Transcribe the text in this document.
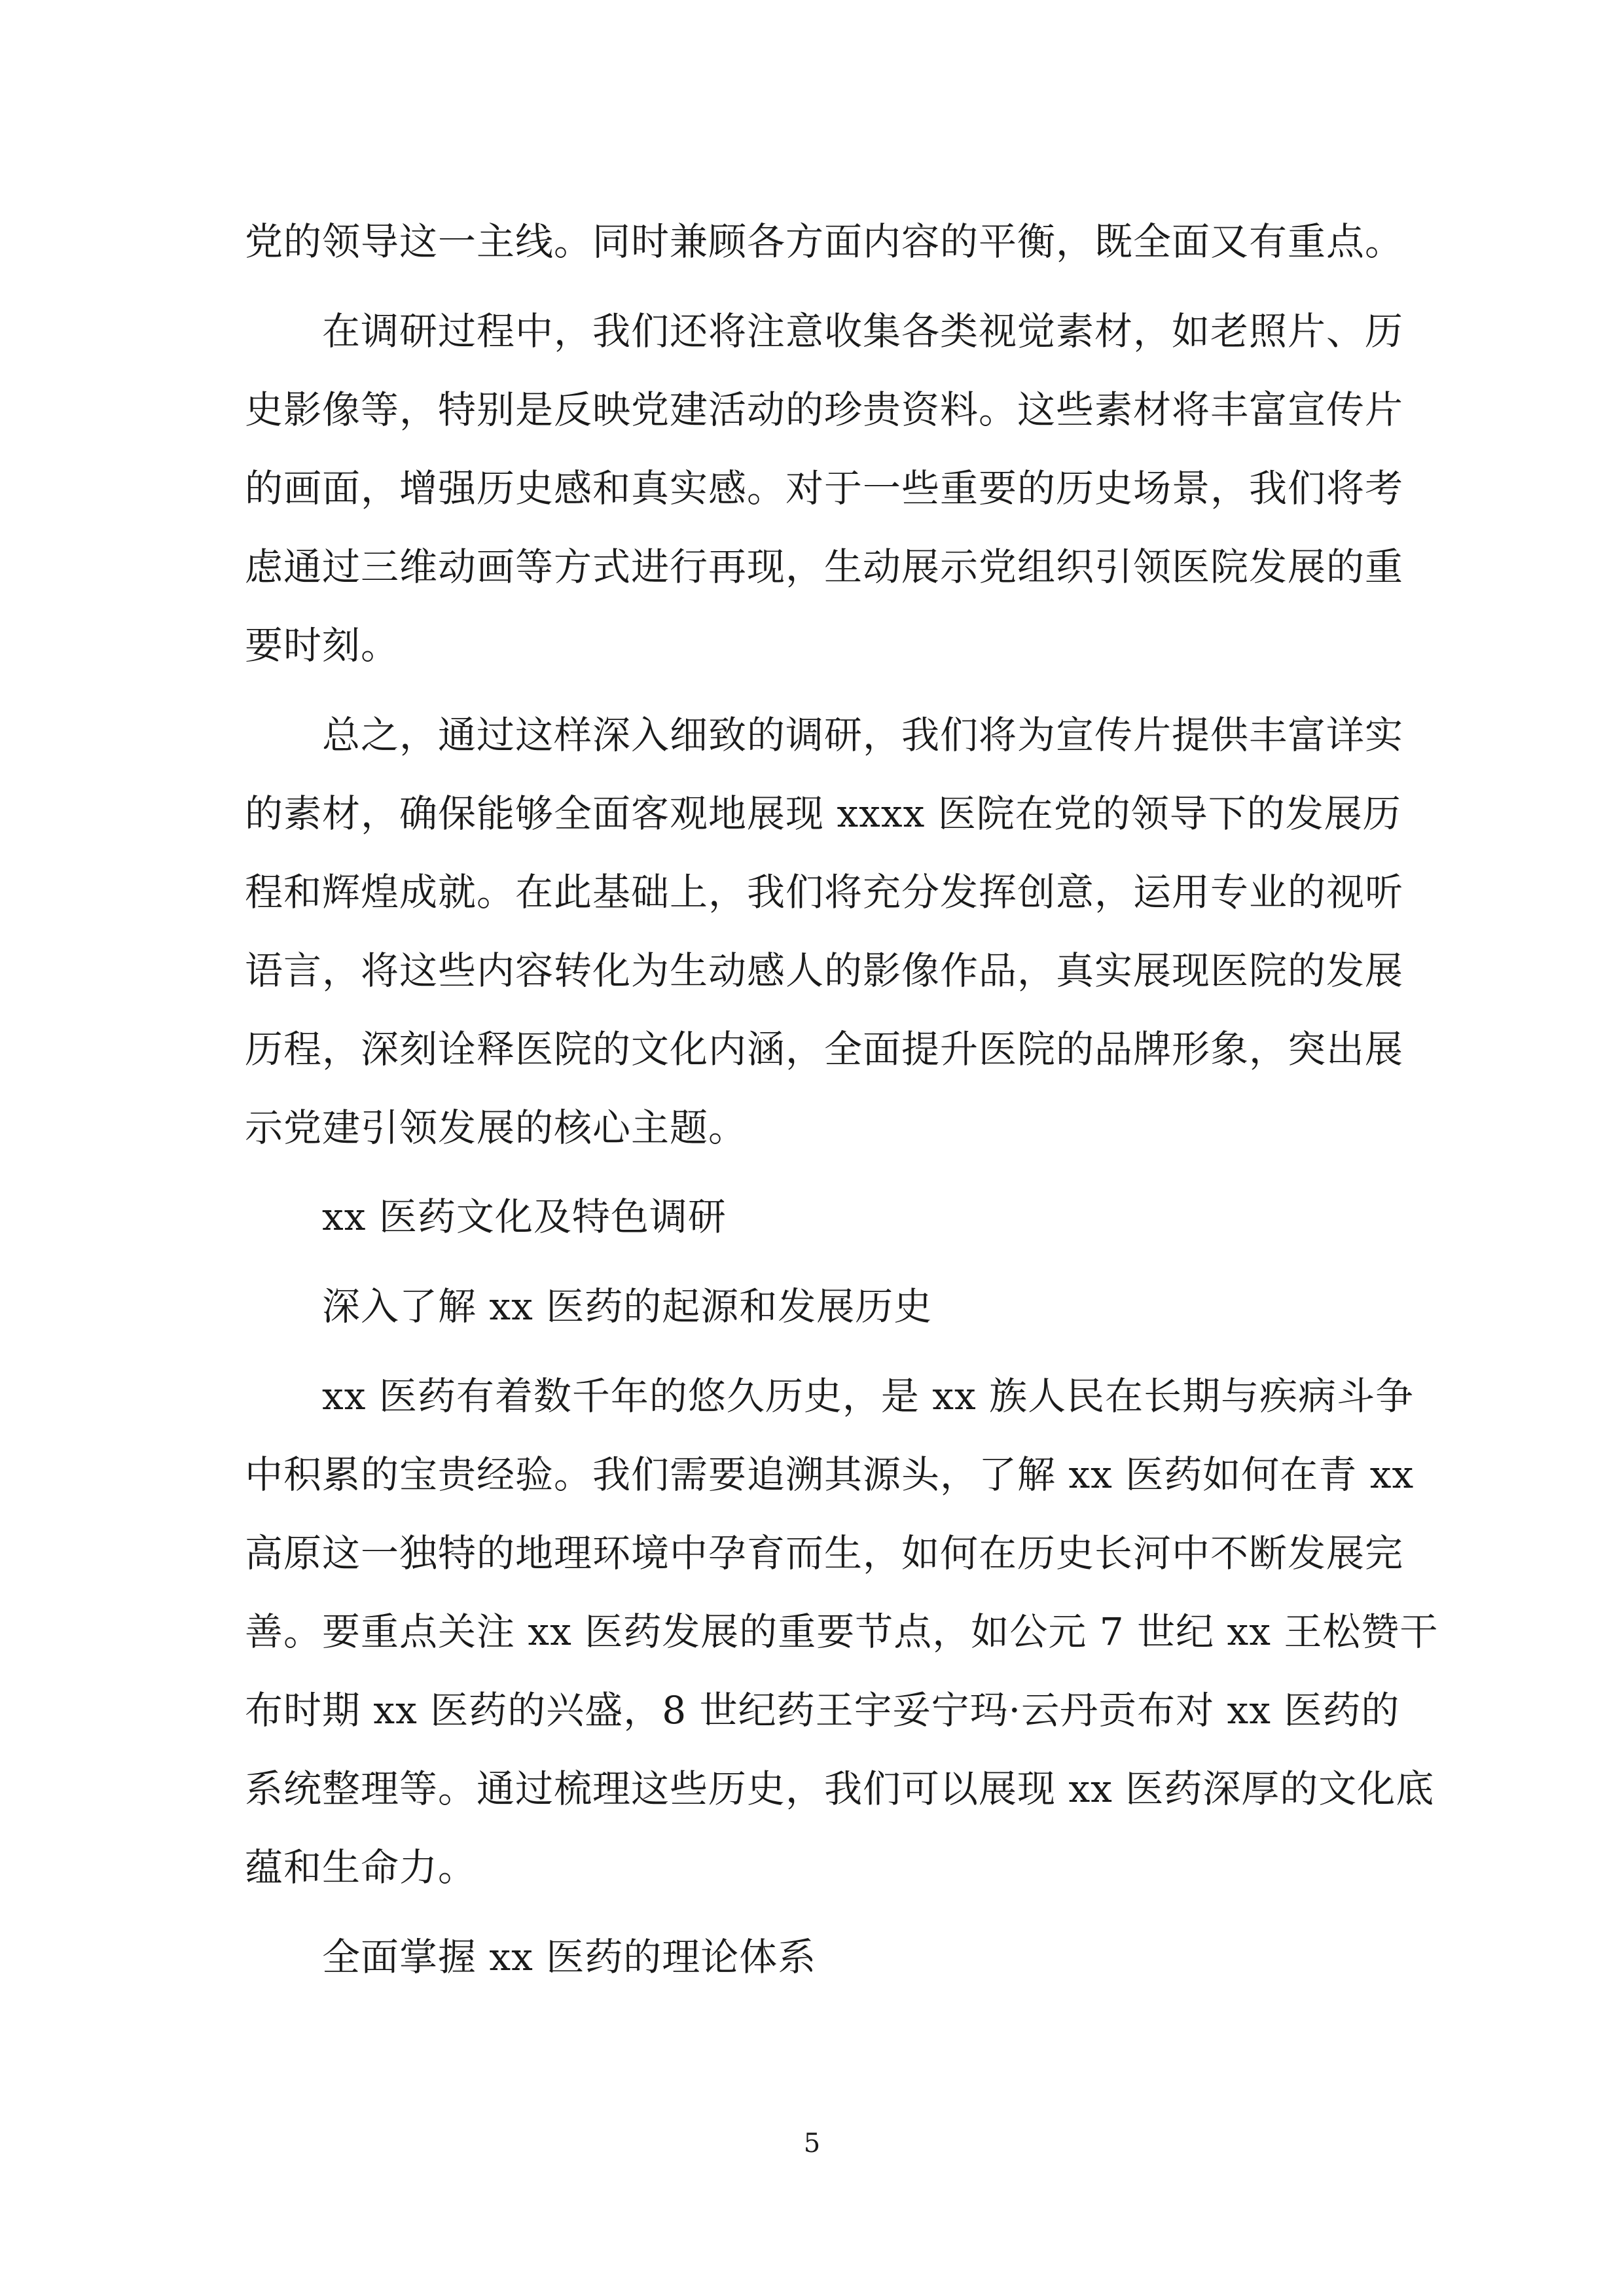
党的领导这一主线。同时兼顾各方面内容的平衡，既全面又有重点。
在调研过程中，我们还将注意收集各类视觉素材，如老照片、历
史影像等，特别是反映党建活动的珍贵资料。这些素材将丰富宣传片
的画面，增强历史感和真实感。对于一些重要的历史场景，我们将考
虑通过三维动画等方式进行再现，生动展示党组织引领医院发展的重
要时刻。
总之，通过这样深入细致的调研，我们将为宣传片提供丰富详实
的素材，确保能够全面客观地展现 xxxx 医院在党的领导下的发展历
程和辉煌成就。在此基础上，我们将充分发挥创意，运用专业的视听
语言，将这些内容转化为生动感人的影像作品，真实展现医院的发展
历程，深刻诠释医院的文化内涵，全面提升医院的品牌形象，突出展
示党建引领发展的核心主题。
xx 医药文化及特色调研
深入了解 xx 医药的起源和发展历史
xx 医药有着数千年的悠久历史，是 xx 族人民在长期与疾病斗争
中积累的宝贵经验。我们需要追溯其源头，了解 xx 医药如何在青 xx
高原这一独特的地理环境中孕育而生，如何在历史长河中不断发展完
善。要重点关注 xx 医药发展的重要节点，如公元 7 世纪 xx 王松赞干
布时期 xx 医药的兴盛，8 世纪药王宇妥宁玛·云丹贡布对 xx 医药的
系统整理等。通过梳理这些历史，我们可以展现 xx 医药深厚的文化底
蕴和生命力。
全面掌握 xx 医药的理论体系
5
